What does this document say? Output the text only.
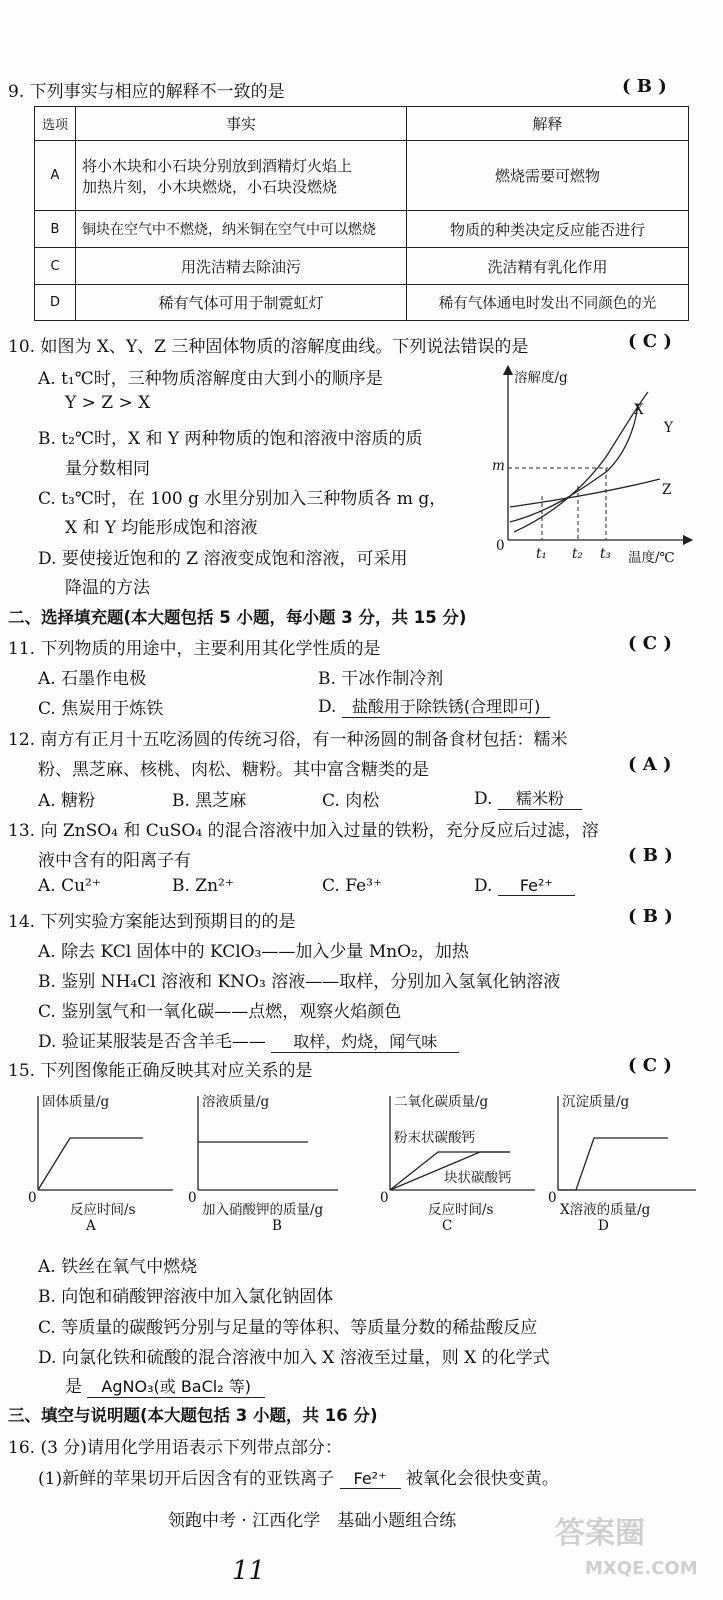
9. 下列事实与相应的解释不一致的是	( B )
选项	事实	解释
A	将小木块和小石块分别放到酒精灯火焰上
加热片刻，小木块燃烧，小石块没燃烧	燃烧需要可燃物
B	铜块在空气中不燃烧，纳米铜在空气中可以燃烧	物质的种类决定反应能否进行
C	用洗洁精去除油污	洗洁精有乳化作用
D	稀有气体可用于制霓虹灯	稀有气体通电时发出不同颜色的光
10. 如图为 X、Y、Z 三种固体物质的溶解度曲线。下列说法错误的是	( C )
A. t₁℃时，三种物质溶解度由大到小的顺序是
Y > Z > X
B. t₂℃时，X 和 Y 两种物质的饱和溶液中溶质的质
量分数相同
C. t₃℃时，在 100 g 水里分别加入三种物质各 m g，
X 和 Y 均能形成饱和溶液
D. 要使接近饱和的 Z 溶液变成饱和溶液，可采用
降温的方法
溶解度/g
X
Y
Z
m
0 t₁ t₂ t₃ 温度/℃
二、选择填充题(本大题包括 5 小题，每小题 3 分，共 15 分)
11. 下列物质的用途中，主要利用其化学性质的是	( C )
A. 石墨作电极	B. 干冰作制冷剂
C. 焦炭用于炼铁	D. 盐酸用于除铁锈(合理即可)
12. 南方有正月十五吃汤圆的传统习俗，有一种汤圆的制备食材包括：糯米
粉、黑芝麻、核桃、肉松、糖粉。其中富含糖类的是	( A )
A. 糖粉	B. 黑芝麻	C. 肉松	D. 糯米粉
13. 向 ZnSO₄ 和 CuSO₄ 的混合溶液中加入过量的铁粉，充分反应后过滤，溶
液中含有的阳离子有	( B )
A. Cu²⁺	B. Zn²⁺	C. Fe³⁺	D. Fe²⁺
14. 下列实验方案能达到预期目的的是	( B )
A. 除去 KCl 固体中的 KClO₃——加入少量 MnO₂，加热
B. 鉴别 NH₄Cl 溶液和 KNO₃ 溶液——取样，分别加入氢氧化钠溶液
C. 鉴别氢气和一氧化碳——点燃，观察火焰颜色
D. 验证某服装是否含羊毛—— 取样，灼烧，闻气味
15. 下列图像能正确反映其对应关系的是	( C )
固体质量/g
0
反应时间/s
A
溶液质量/g
0
加入硝酸钾的质量/g
B
二氧化碳质量/g
粉末状碳酸钙
块状碳酸钙
0
反应时间/s
C
沉淀质量/g
0
X溶液的质量/g
D
A. 铁丝在氧气中燃烧
B. 向饱和硝酸钾溶液中加入氯化钠固体
C. 等质量的碳酸钙分别与足量的等体积、等质量分数的稀盐酸反应
D. 向氯化铁和硫酸的混合溶液中加入 X 溶液至过量，则 X 的化学式
是 AgNO₃(或 BaCl₂ 等)
三、填空与说明题(本大题包括 3 小题，共 16 分)
16. (3 分)请用化学用语表示下列带点部分：
(1)新鲜的苹果切开后因含有的亚铁离子 Fe²⁺ 被氧化会很快变黄。
领跑中考 · 江西化学　基础小题组合练
11
答案圈
MXQE.COM
